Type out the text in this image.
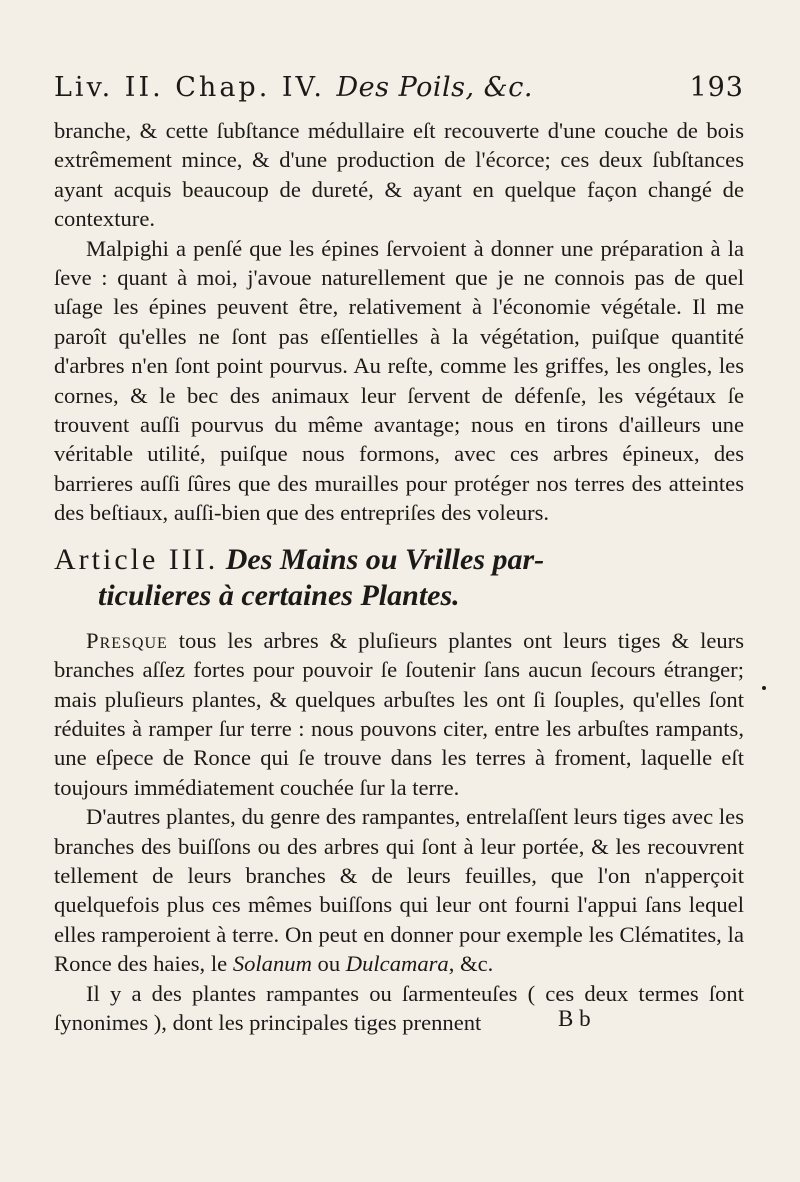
Liv. II. Chap. IV. Des Poils, &c.	193

branche, & cette ſubſtance médullaire eſt recouverte d'une couche de bois extrêmement mince, & d'une production de l'écorce; ces deux ſubſtances ayant acquis beaucoup de dureté, & ayant en quelque façon changé de contexture.

Malpighi a penſé que les épines ſervoient à donner une préparation à la ſeve : quant à moi, j'avoue naturellement que je ne connois pas de quel uſage les épines peuvent être, relativement à l'économie végétale. Il me paroît qu'elles ne ſont pas eſſentielles à la végétation, puiſque quantité d'arbres n'en ſont point pourvus. Au reſte, comme les griffes, les ongles, les cornes, & le bec des animaux leur ſervent de défenſe, les végétaux ſe trouvent auſſi pourvus du même avantage; nous en tirons d'ailleurs une véritable utilité, puiſque nous formons, avec ces arbres épineux, des barrieres auſſi ſûres que des murailles pour protéger nos terres des atteintes des beſtiaux, auſſi-bien que des entrepriſes des voleurs.

Article III. Des Mains ou Vrilles par-
ticulieres à certaines Plantes.

Presque tous les arbres & pluſieurs plantes ont leurs tiges & leurs branches aſſez fortes pour pouvoir ſe ſoutenir ſans aucun ſecours étranger; mais pluſieurs plantes, & quelques arbuſtes les ont ſi ſouples, qu'elles ſont réduites à ramper ſur terre : nous pouvons citer, entre les arbuſtes rampants, une eſpece de Ronce qui ſe trouve dans les terres à froment, laquelle eſt toujours immédiatement couchée ſur la terre.

D'autres plantes, du genre des rampantes, entrelaſſent leurs tiges avec les branches des buiſſons ou des arbres qui ſont à leur portée, & les recouvrent tellement de leurs branches & de leurs feuilles, que l'on n'apperçoit quelquefois plus ces mêmes buiſſons qui leur ont fourni l'appui ſans lequel elles ramperoient à terre. On peut en donner pour exemple les Clématites, la Ronce des haies, le Solanum ou Dulcamara, &c.

Il y a des plantes rampantes ou ſarmenteuſes ( ces deux termes ſont ſynonimes ), dont les principales tiges prennent	B b
